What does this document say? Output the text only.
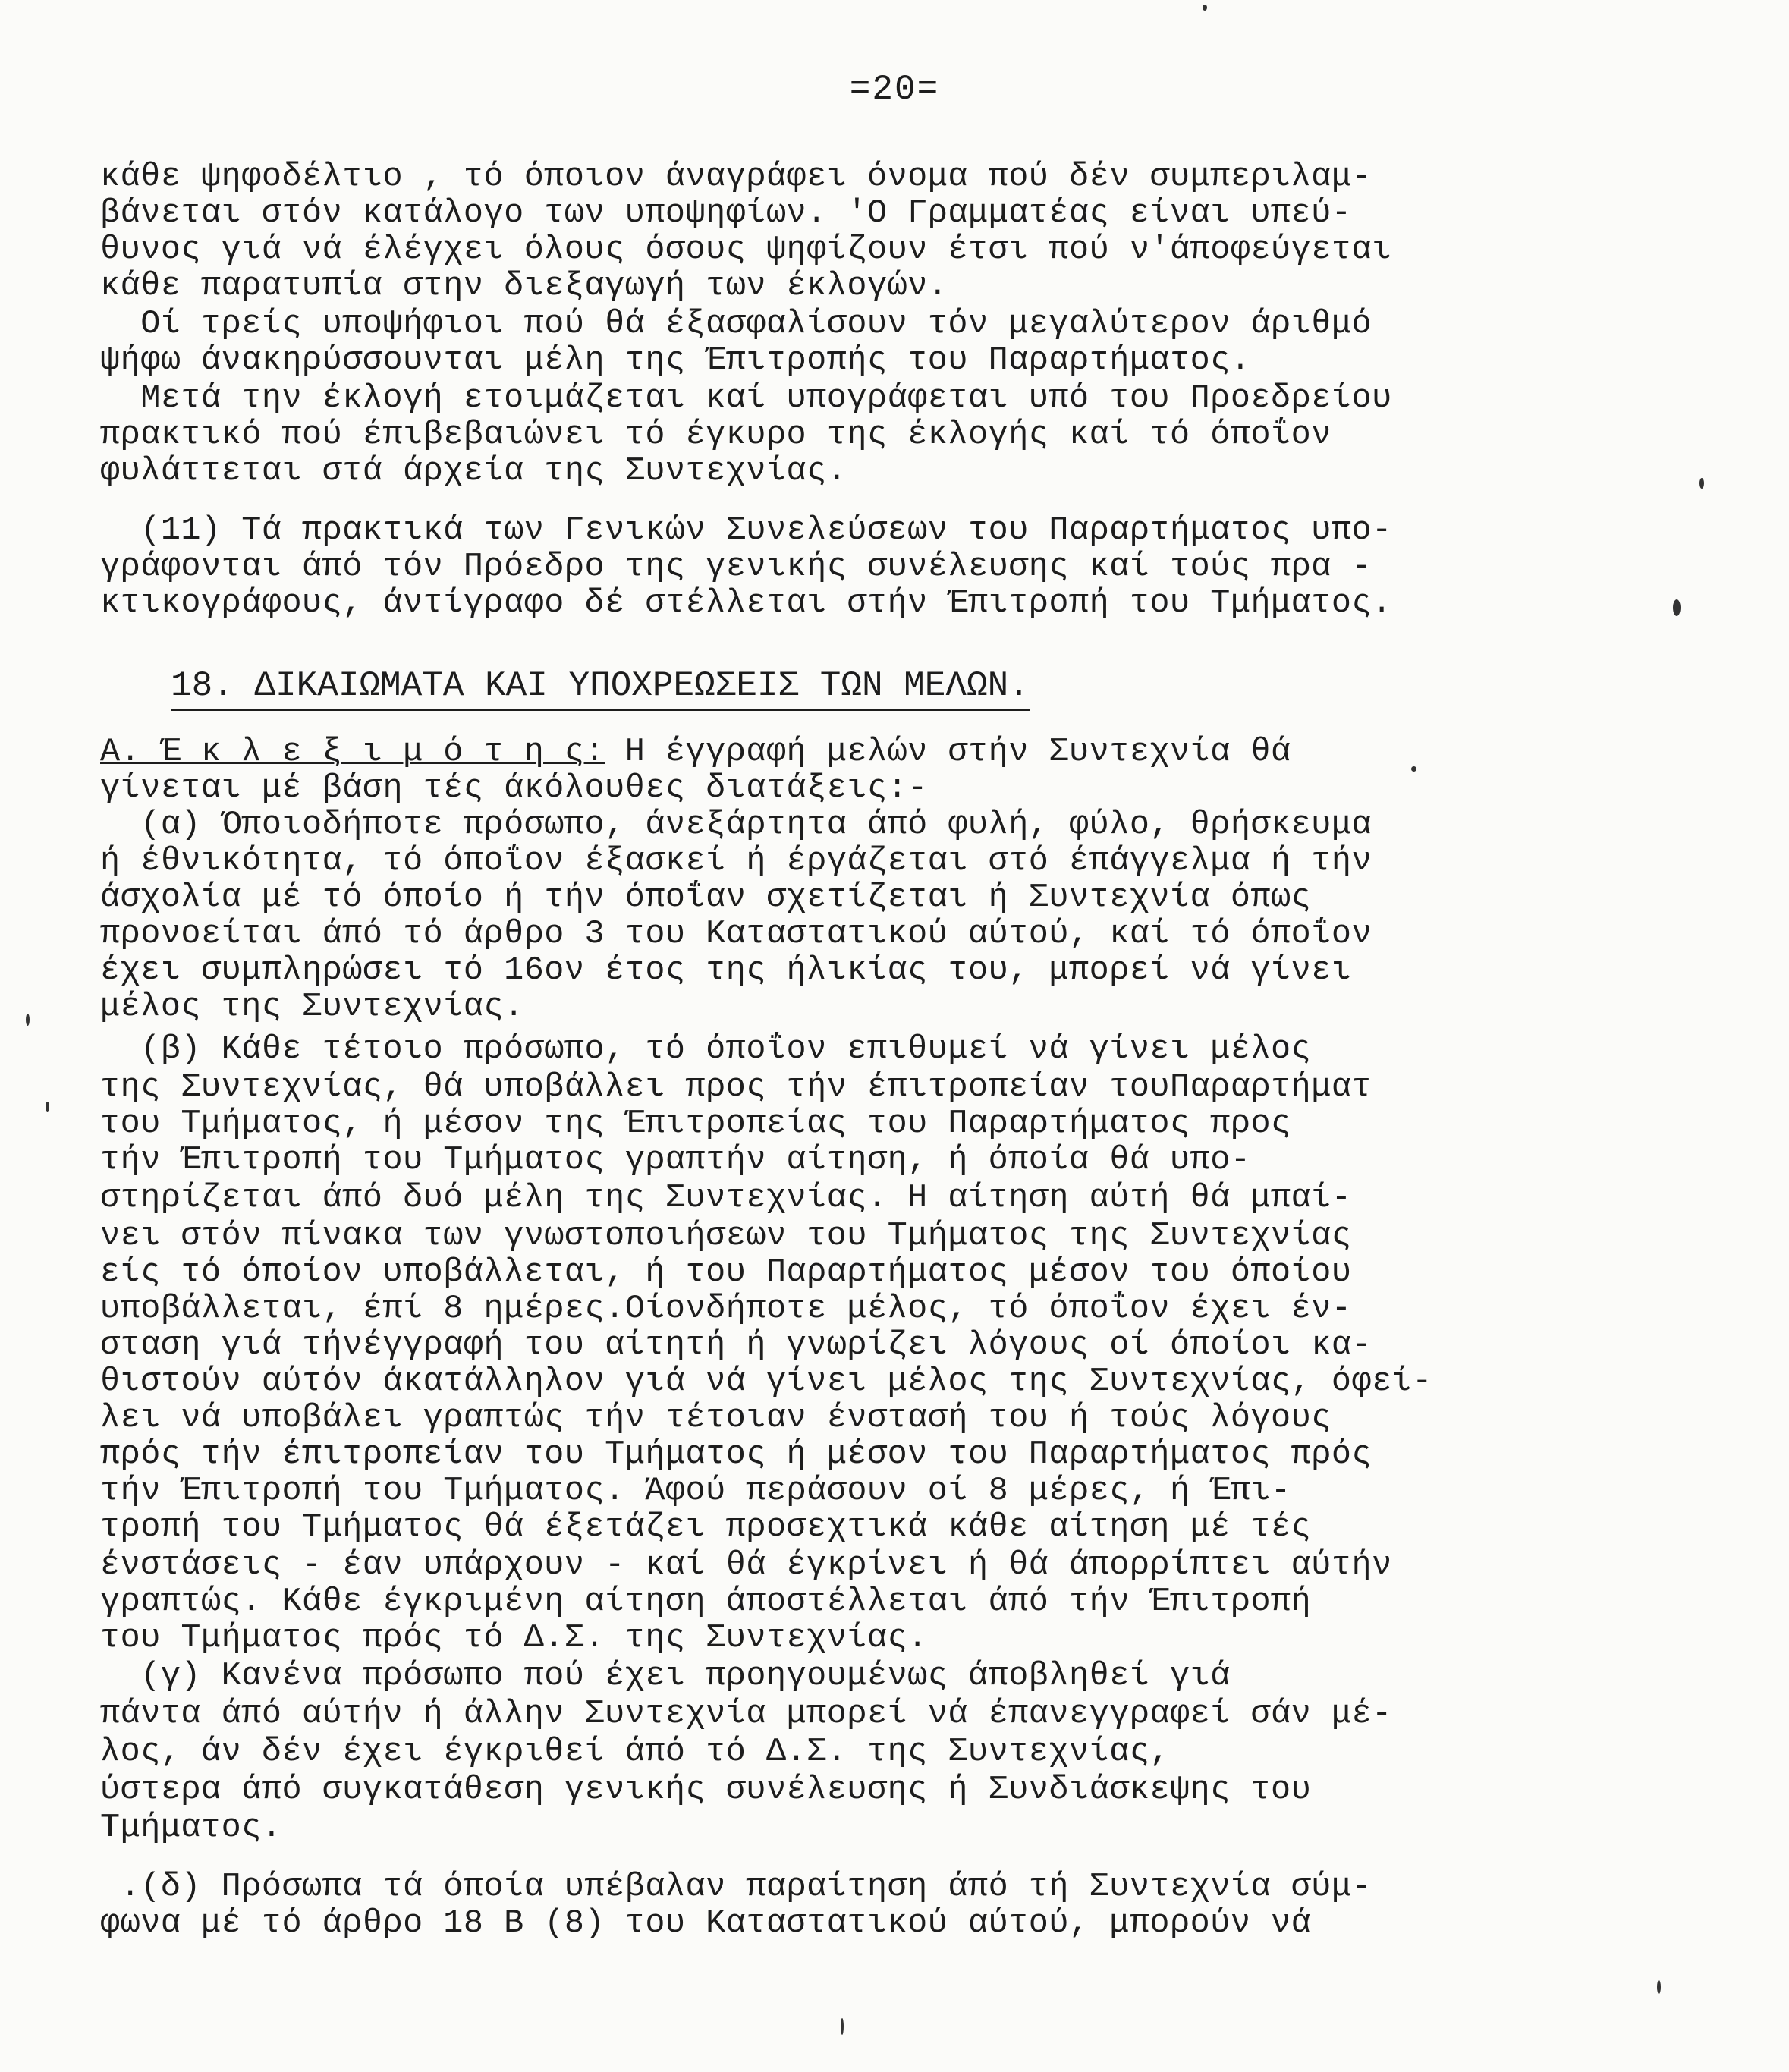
=20=
κάθε ψηφοδέλτιο , τό όποιον άναγράφει όνομα πού δέν συμπεριλαμ-
βάνεται στόν κατάλογο των υποψηφίων. 'Ο Γραμματέας είναι υπεύ-
θυνος γιά νά έλέγχει όλους όσους ψηφίζουν έτσι πού ν'άποφεύγεται
κάθε παρατυπία στην διεξαγωγή των έκλογών.
Οί τρείς υποψήφιοι πού θά έξασφαλίσουν τόν μεγαλύτερον άριθμό
ψήφω άνακηρύσσουνται μέλη της Έπιτροπής του Παραρτήματος.
Μετά την έκλογή ετοιμάζεται καί υπογράφεται υπό του Προεδρείου
πρακτικό πού έπιβεβαιώνει τό έγκυρο της έκλογής καί τό όποΐον
φυλάττεται στά άρχεία της Συντεχνίας.
(11) Τά πρακτικά των Γενικών Συνελεύσεων του Παραρτήματος υπο-
γράφονται άπό τόν Πρόεδρο της γενικής συνέλευσης καί τούς πρα -
κτικογράφους, άντίγραφο δέ στέλλεται στήν Έπιτροπή του Τμήματος.
18. ΔΙΚΑΙΩΜΑΤΑ ΚΑΙ ΥΠΟΧΡΕΩΣΕΙΣ ΤΩΝ ΜΕΛΩΝ.
Α. Έ κ λ ε ξ ι μ ό τ η ς: Η έγγραφή μελών στήν Συντεχνία θά
γίνεται μέ βάση τές άκόλουθες διατάξεις:-
(α) Όποιοδήποτε πρόσωπο, άνεξάρτητα άπό φυλή, φύλο, θρήσκευμα
ή έθνικότητα, τό όποΐον έξασκεί ή έργάζεται στό έπάγγελμα ή τήν
άσχολία μέ τό όποίο ή τήν όποΐαν σχετίζεται ή Συντεχνία όπως
προνοείται άπό τό άρθρο 3 του Καταστατικού αύτού, καί τό όποΐον
έχει συμπληρώσει τό 16ον έτος της ήλικίας του, μπορεί νά γίνει
μέλος της Συντεχνίας.
(β) Κάθε τέτοιο πρόσωπο, τό όποΐον επιθυμεί νά γίνει μέλος
της Συντεχνίας, θά υποβάλλει προς τήν έπιτροπείαν τουΠαραρτήματ
του Τμήματος, ή μέσον της Έπιτροπείας του Παραρτήματος προς
τήν Έπιτροπή του Τμήματος γραπτήν αίτηση, ή όποία θά υπο-
στηρίζεται άπό δυό μέλη της Συντεχνίας. Η αίτηση αύτή θά μπαί-
νει στόν πίνακα των γνωστοποιήσεων του Τμήματος της Συντεχνίας
είς τό όποίον υποβάλλεται, ή του Παραρτήματος μέσον του όποίου
υποβάλλεται, έπί 8 ημέρες.Οίονδήποτε μέλος, τό όποΐον έχει έν-
σταση γιά τήνέγγραφή του αίτητή ή γνωρίζει λόγους οί όποίοι κα-
θιστούν αύτόν άκατάλληλον γιά νά γίνει μέλος της Συντεχνίας, όφεί-
λει νά υποβάλει γραπτώς τήν τέτοιαν ένστασή του ή τούς λόγους
πρός τήν έπιτροπείαν του Τμήματος ή μέσον του Παραρτήματος πρός
τήν Έπιτροπή του Τμήματος. Άφού περάσουν οί 8 μέρες, ή Έπι-
τροπή του Τμήματος θά έξετάζει προσεχτικά κάθε αίτηση μέ τές
ένστάσεις - έαν υπάρχουν - καί θά έγκρίνει ή θά άπορρίπτει αύτήν
γραπτώς. Κάθε έγκριμένη αίτηση άποστέλλεται άπό τήν Έπιτροπή
του Τμήματος πρός τό Δ.Σ. της Συντεχνίας.
(γ) Κανένα πρόσωπο πού έχει προηγουμένως άποβληθεί γιά
πάντα άπό αύτήν ή άλλην Συντεχνία μπορεί νά έπανεγγραφεί σάν μέ-
λος, άν δέν έχει έγκριθεί άπό τό Δ.Σ. της Συντεχνίας,
ύστερα άπό συγκατάθεση γενικής συνέλευσης ή Συνδιάσκεψης του
Τμήματος.
.(δ) Πρόσωπα τά όποία υπέβαλαν παραίτηση άπό τή Συντεχνία σύμ-
φωνα μέ τό άρθρο 18 Β (8) του Καταστατικού αύτού, μπορούν νά
